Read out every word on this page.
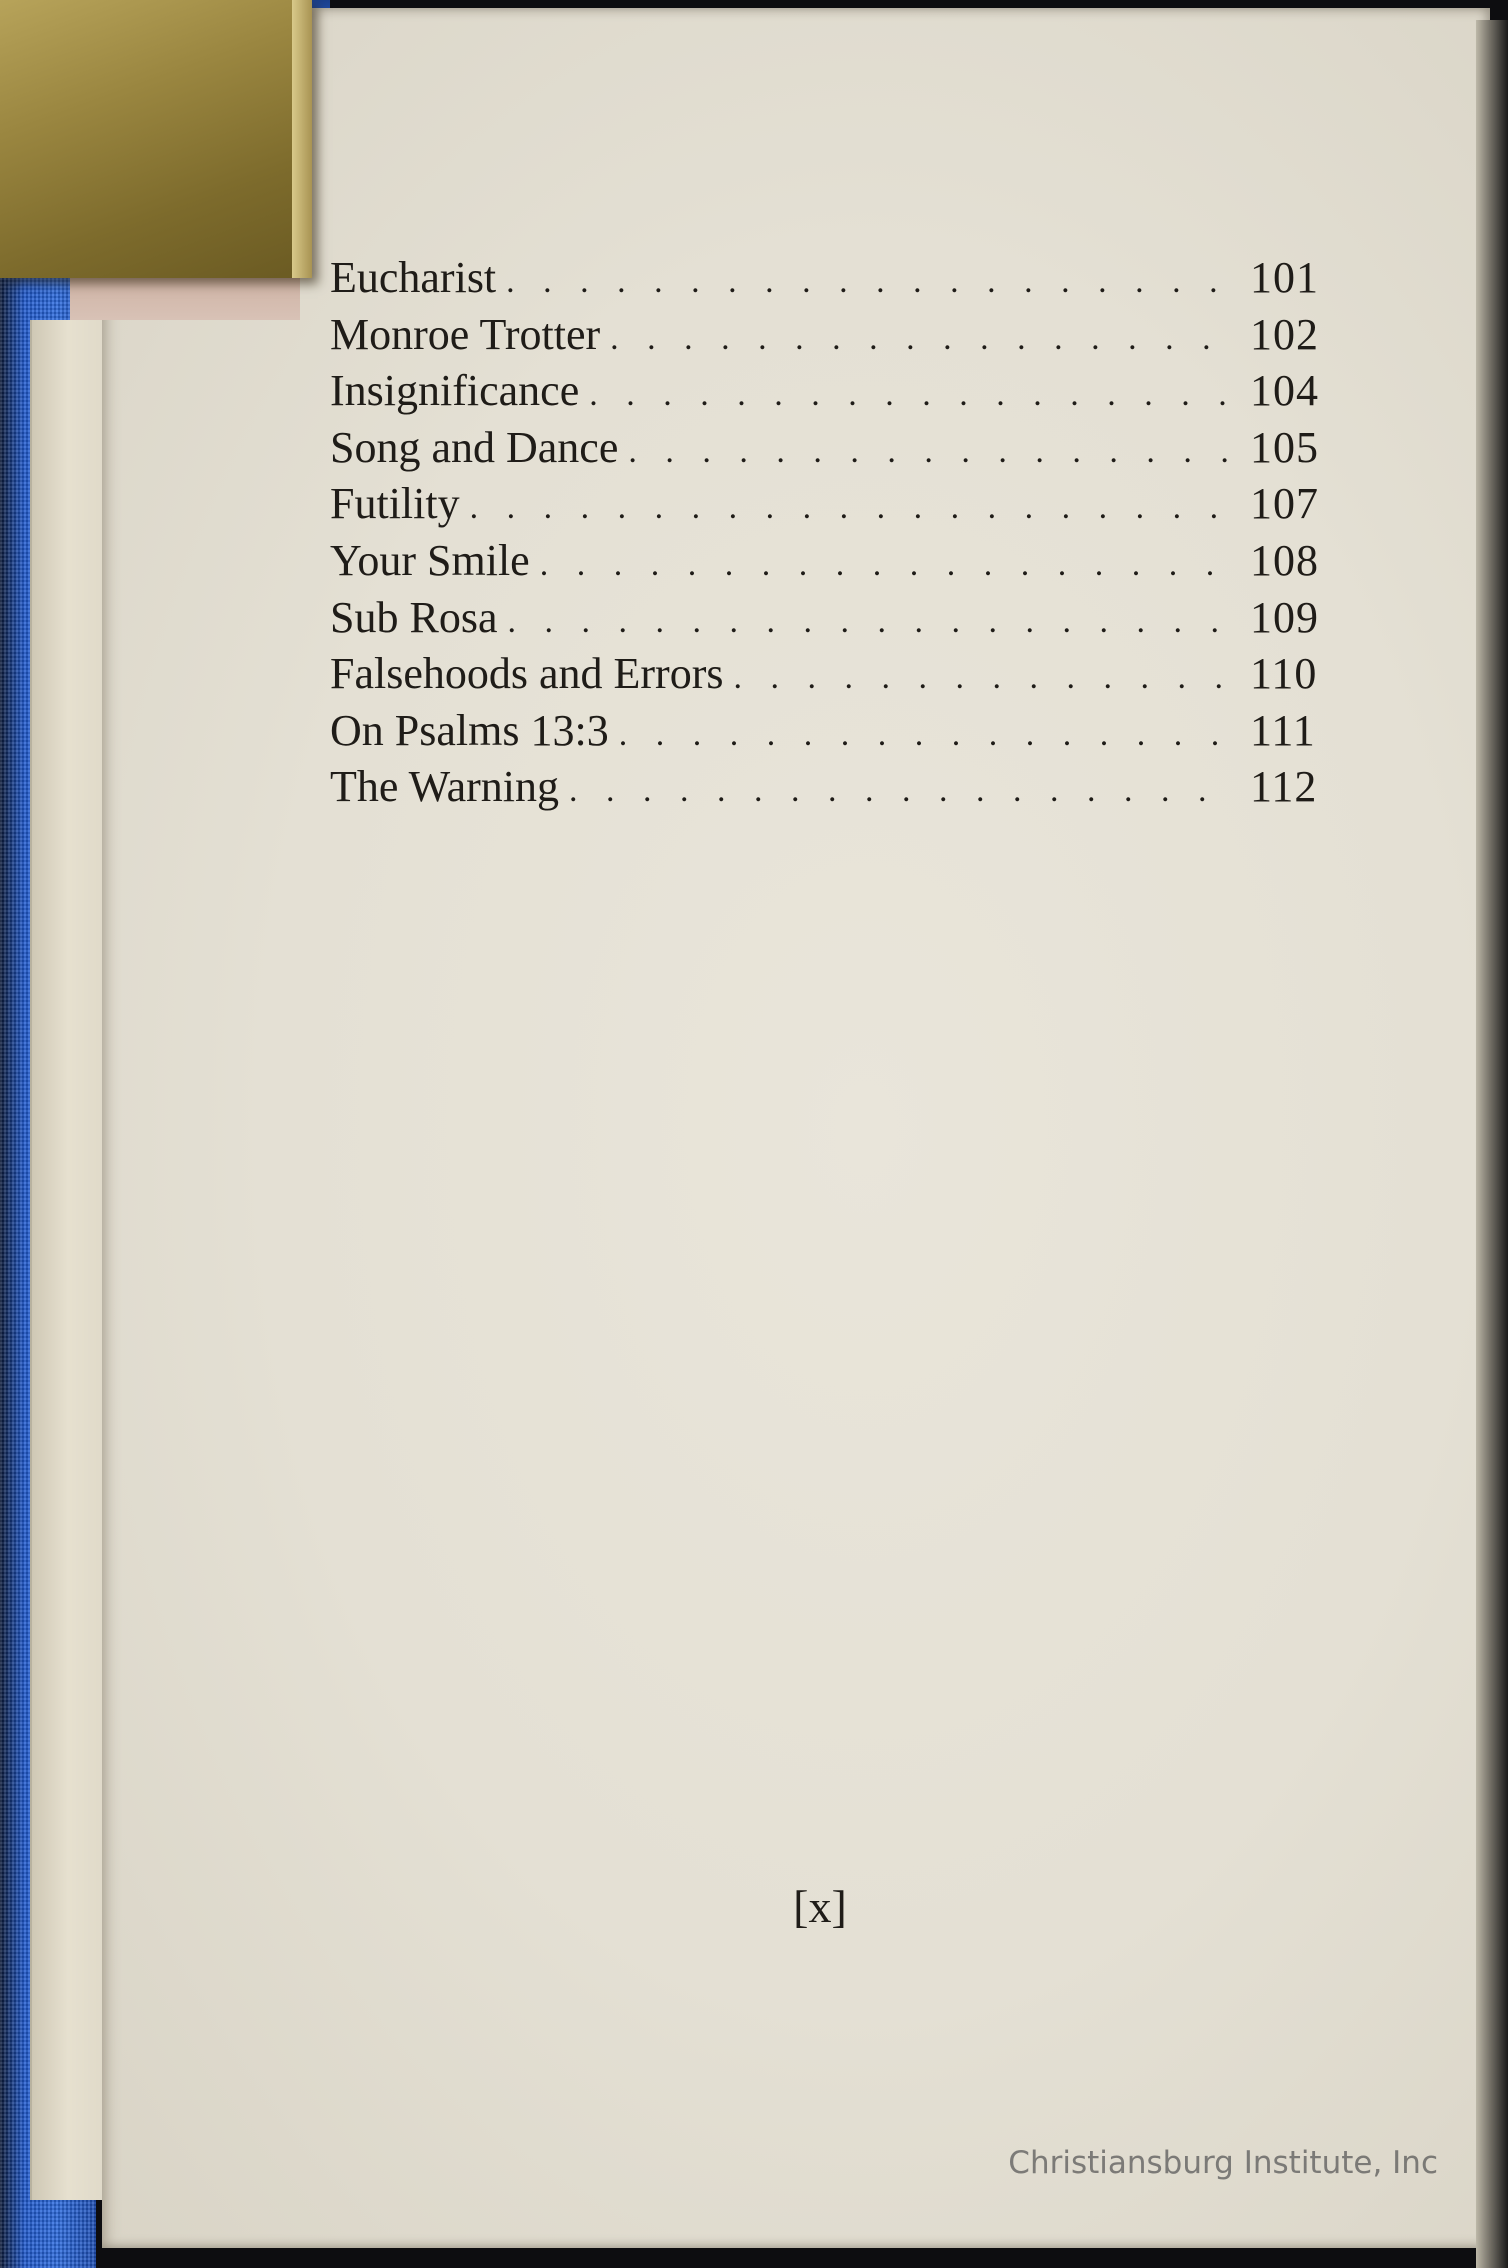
Eucharist . . .	101
Monroe Trotter . . .	102
Insignificance . . .	104
Song and Dance . . .	105
Futility . . .	107
Your Smile . . .	108
Sub Rosa . . .	109
Falsehoods and Errors . . .	110
On Psalms 13:3 . . .	111
The Warning . . .	112
[x]
Christiansburg Institute, Inc
